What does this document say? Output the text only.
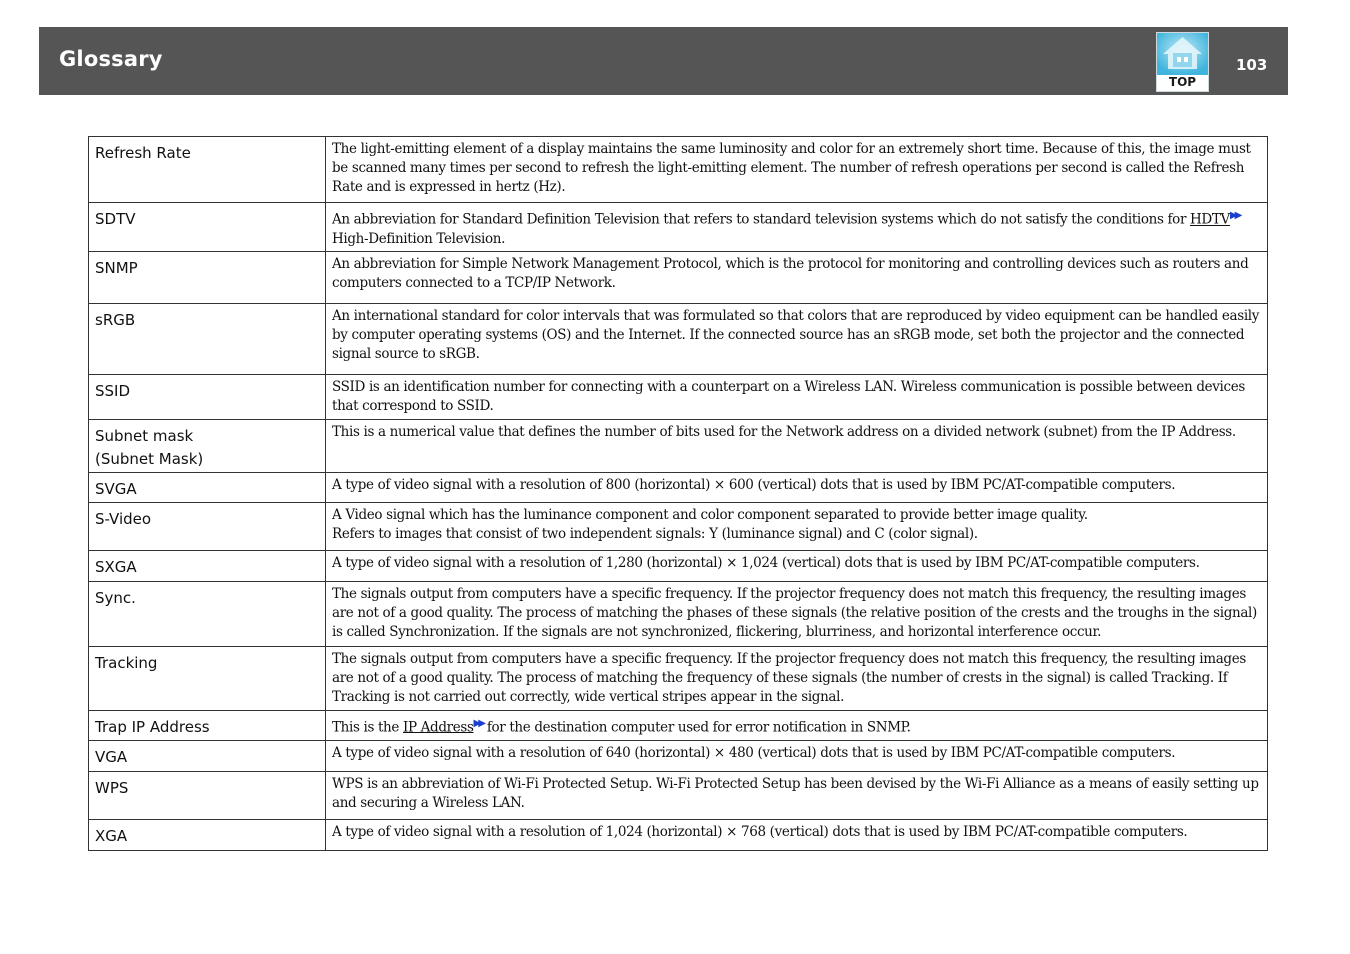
Glossary
TOP
103
Refresh Rate	The light-emitting element of a display maintains the same luminosity and color for an extremely short time. Because of this, the image must be scanned many times per second to refresh the light-emitting element. The number of refresh operations per second is called the Refresh Rate and is expressed in hertz (Hz).
SDTV	An abbreviation for Standard Definition Television that refers to standard television systems which do not satisfy the conditions for HDTV▶▶ High-Definition Television.
SNMP	An abbreviation for Simple Network Management Protocol, which is the protocol for monitoring and controlling devices such as routers and computers connected to a TCP/IP Network.
sRGB	An international standard for color intervals that was formulated so that colors that are reproduced by video equipment can be handled easily by computer operating systems (OS) and the Internet. If the connected source has an sRGB mode, set both the projector and the connected signal source to sRGB.
SSID	SSID is an identification number for connecting with a counterpart on a Wireless LAN. Wireless communication is possible between devices that correspond to SSID.

Subnet mask
(Subnet Mask)	This is a numerical value that defines the number of bits used for the Network address on a divided network (subnet) from the IP Address.
SVGA	A type of video signal with a resolution of 800 (horizontal) × 600 (vertical) dots that is used by IBM PC/AT-compatible computers.
S-Video	A Video signal which has the luminance component and color component separated to provide better image quality.
Refers to images that consist of two independent signals: Y (luminance signal) and C (color signal).

SXGA	A type of video signal with a resolution of 1,280 (horizontal) × 1,024 (vertical) dots that is used by IBM PC/AT-compatible computers.
Sync.	The signals output from computers have a specific frequency. If the projector frequency does not match this frequency, the resulting images are not of a good quality. The process of matching the phases of these signals (the relative position of the crests and the troughs in the signal) is called Synchronization. If the signals are not synchronized, flickering, blurriness, and horizontal interference occur.
Tracking	The signals output from computers have a specific frequency. If the projector frequency does not match this frequency, the resulting images are not of a good quality. The process of matching the frequency of these signals (the number of crests in the signal) is called Tracking. If Tracking is not carried out correctly, wide vertical stripes appear in the signal.
Trap IP Address	This is the IP Address▶▶ for the destination computer used for error notification in SNMP.
VGA	A type of video signal with a resolution of 640 (horizontal) × 480 (vertical) dots that is used by IBM PC/AT-compatible computers.
WPS	WPS is an abbreviation of Wi-Fi Protected Setup. Wi-Fi Protected Setup has been devised by the Wi-Fi Alliance as a means of easily setting up and securing a Wireless LAN.
XGA	A type of video signal with a resolution of 1,024 (horizontal) × 768 (vertical) dots that is used by IBM PC/AT-compatible computers.
